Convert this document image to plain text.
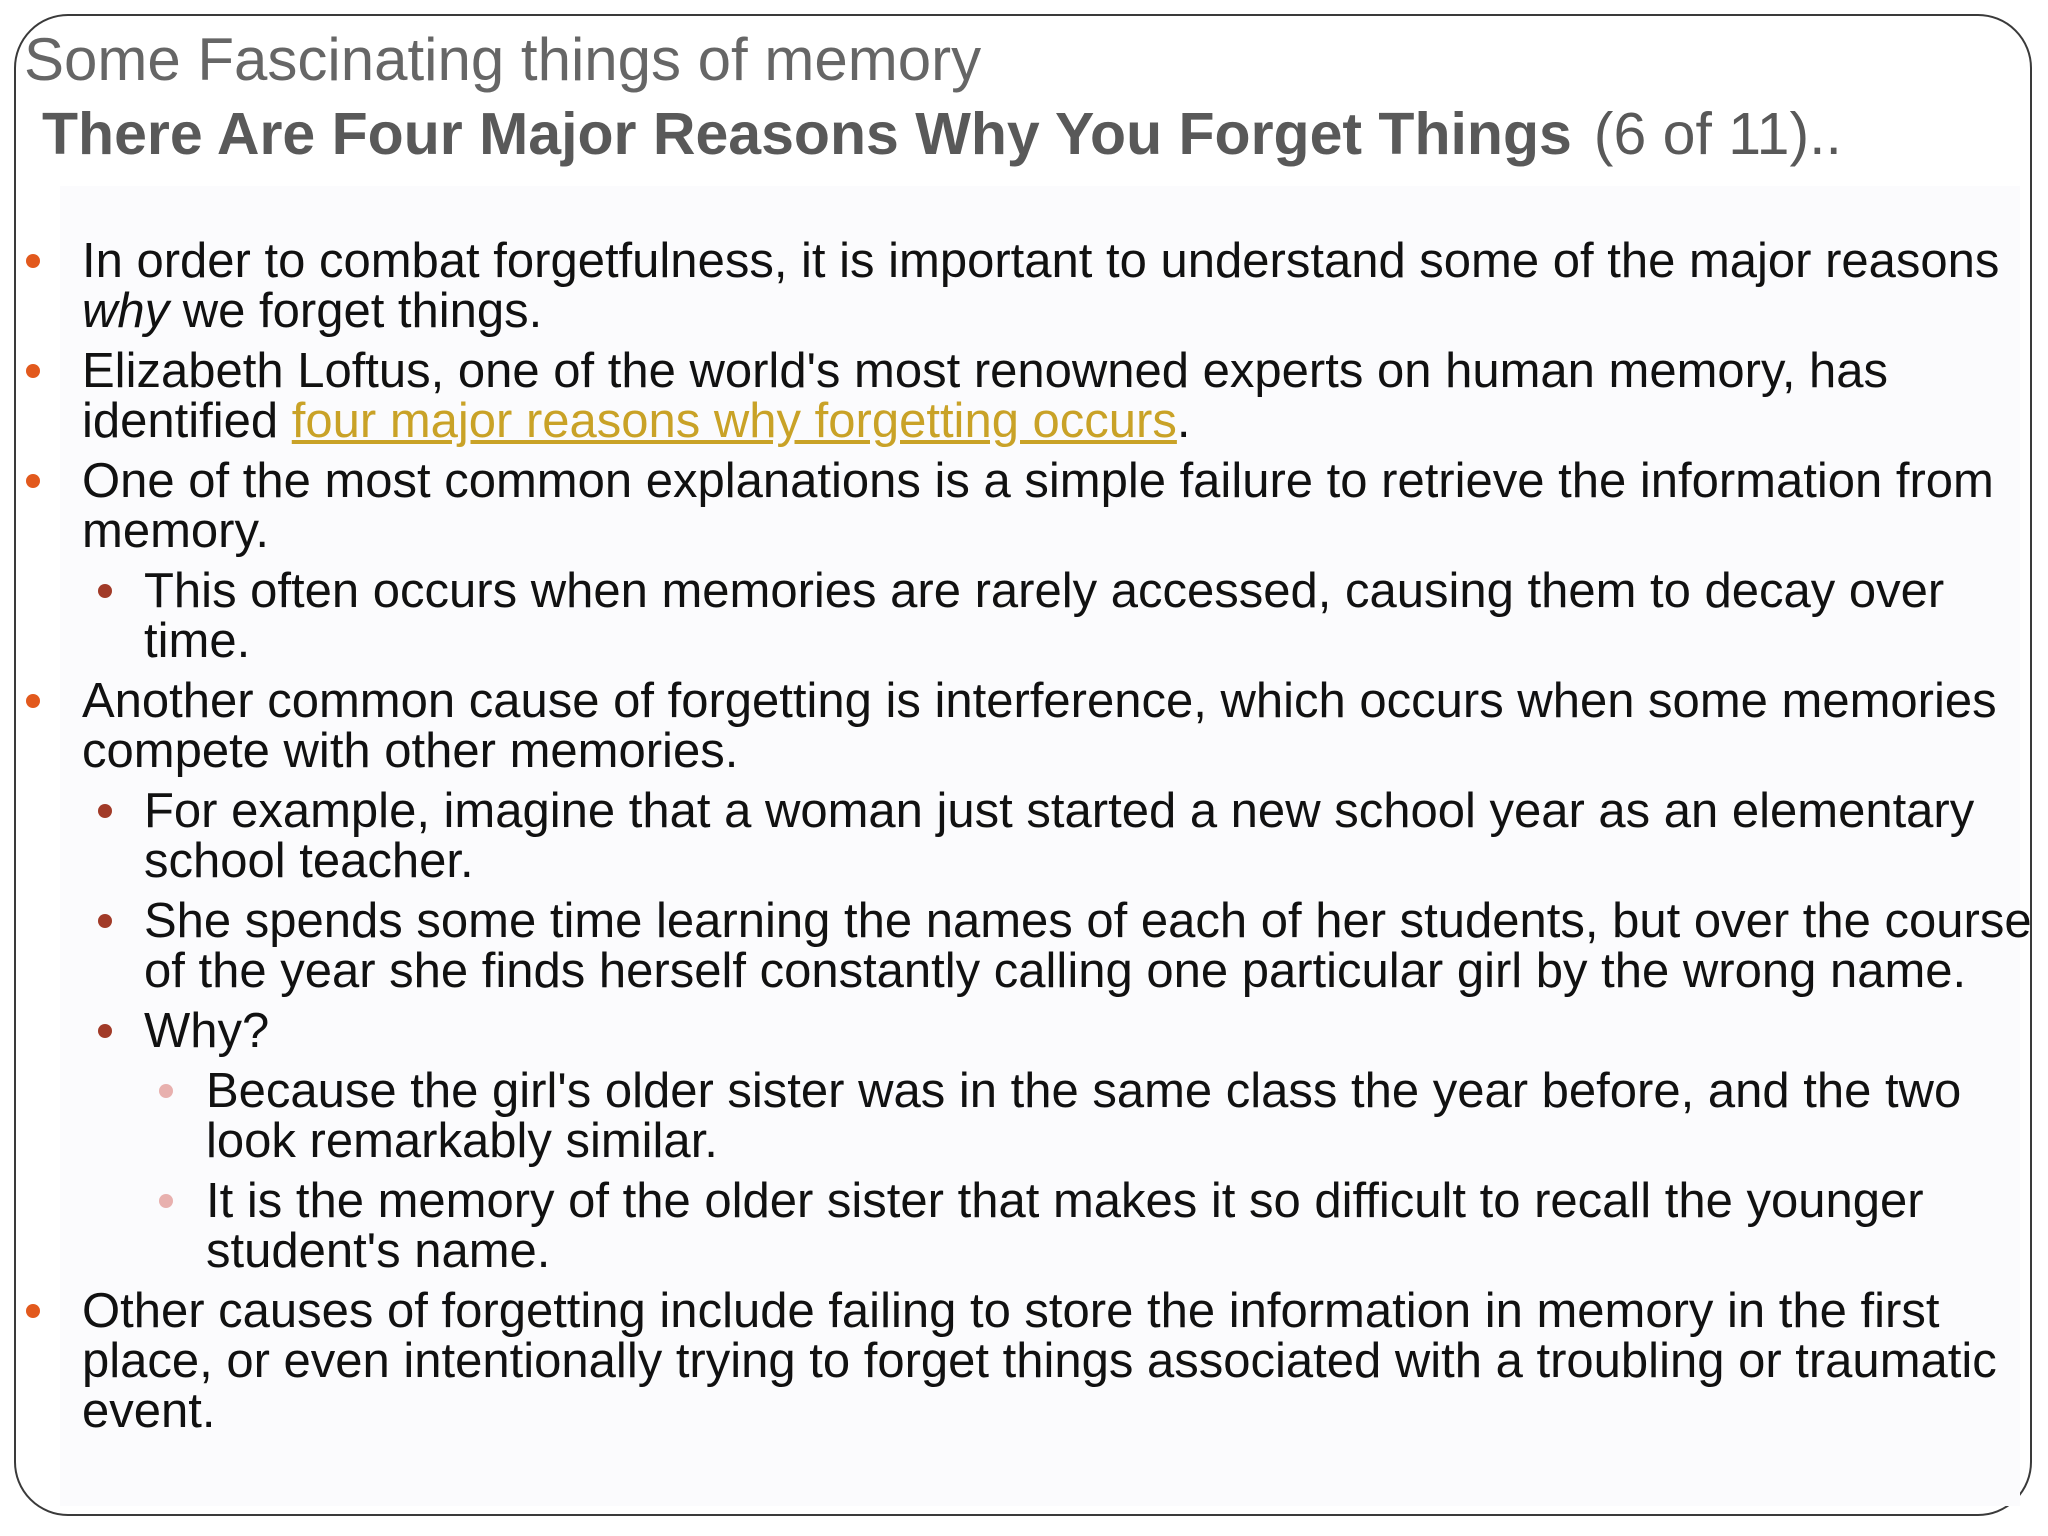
Some Fascinating things of memory
There Are Four Major Reasons Why You Forget Things (6 of 11)..
In order to combat forgetfulness, it is important to understand some of the major reasons why we forget things.
Elizabeth Loftus, one of the world's most renowned experts on human memory, has identified four major reasons why forgetting occurs.
One of the most common explanations is a simple failure to retrieve the information from memory.
This often occurs when memories are rarely accessed, causing them to decay over time.
Another common cause of forgetting is interference, which occurs when some memories compete with other memories.
For example, imagine that a woman just started a new school year as an elementary school teacher.
She spends some time learning the names of each of her students, but over the course of the year she finds herself constantly calling one particular girl by the wrong name.
Why?
Because the girl's older sister was in the same class the year before, and the two look remarkably similar.
It is the memory of the older sister that makes it so difficult to recall the younger student's name.
Other causes of forgetting include failing to store the information in memory in the first place, or even intentionally trying to forget things associated with a troubling or traumatic event.
